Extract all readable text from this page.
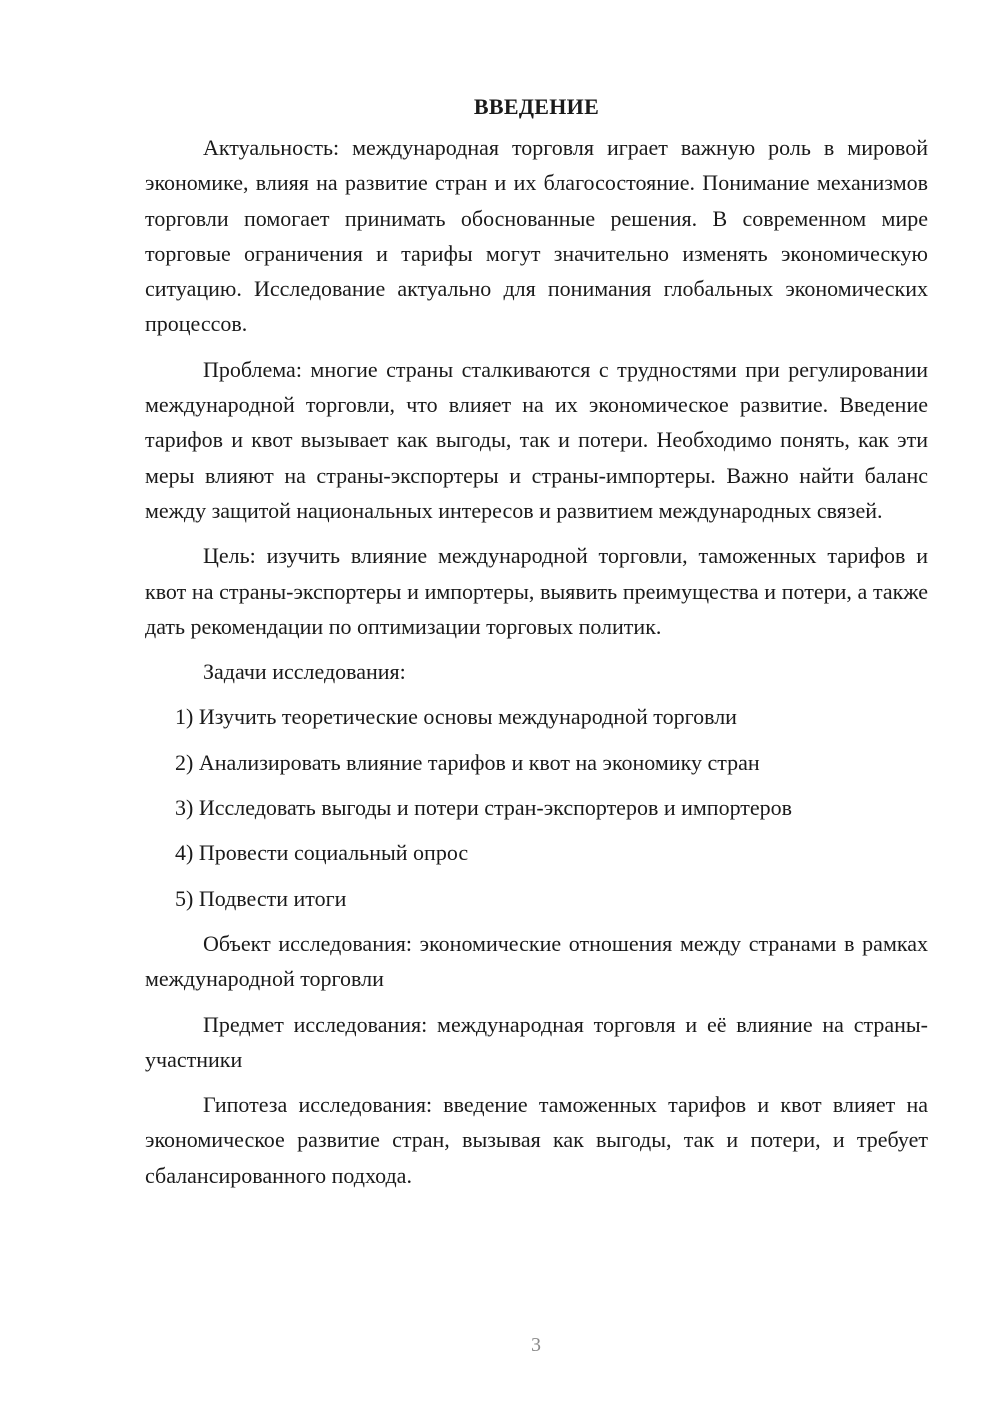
ВВЕДЕНИЕ

Актуальность: международная торговля играет важную роль в мировой экономике, влияя на развитие стран и их благосостояние. Понимание механизмов торговли помогает принимать обоснованные решения. В современном мире торговые ограничения и тарифы могут значительно изменять экономическую ситуацию. Исследование актуально для понимания глобальных экономических процессов.

Проблема: многие страны сталкиваются с трудностями при регулировании международной торговли, что влияет на их экономическое развитие. Введение тарифов и квот вызывает как выгоды, так и потери. Необходимо понять, как эти меры влияют на страны-экспортеры и страны-импортеры. Важно найти баланс между защитой национальных интересов и развитием международных связей.

Цель: изучить влияние международной торговли, таможенных тарифов и квот на страны-экспортеры и импортеры, выявить преимущества и потери, а также дать рекомендации по оптимизации торговых политик.

Задачи исследования:

1) Изучить теоретические основы международной торговли
2) Анализировать влияние тарифов и квот на экономику стран
3) Исследовать выгоды и потери стран-экспортеров и импортеров
4) Провести социальный опрос
5) Подвести итоги

Объект исследования: экономические отношения между странами в рамках международной торговли

Предмет исследования: международная торговля и её влияние на страны-участники

Гипотеза исследования: введение таможенных тарифов и квот влияет на экономическое развитие стран, вызывая как выгоды, так и потери, и требует сбалансированного подхода.

3
